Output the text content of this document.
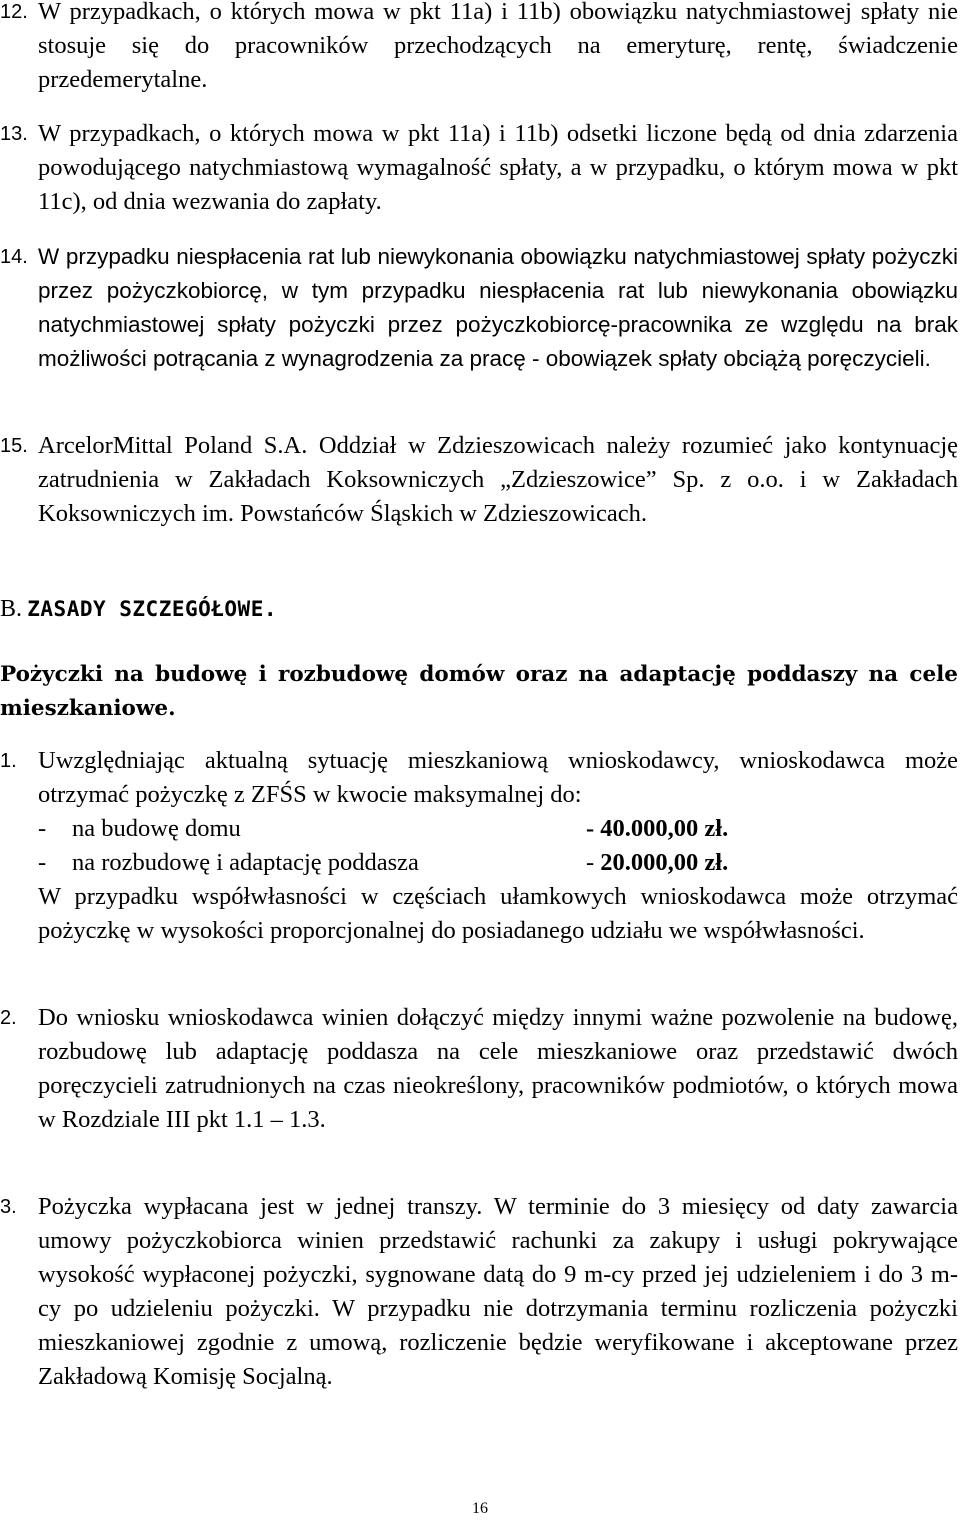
12. W przypadkach, o których mowa w pkt 11a) i 11b) obowiązku natychmiastowej spłaty nie stosuje się do pracowników przechodzących na emeryturę, rentę, świadczenie przedemerytalne.
13. W przypadkach, o których mowa w pkt 11a) i 11b) odsetki liczone będą od dnia zdarzenia powodującego natychmiastową wymagalność spłaty, a w przypadku, o którym mowa w pkt 11c), od dnia wezwania do zapłaty.
14. W przypadku niespłacenia rat lub niewykonania obowiązku natychmiastowej spłaty pożyczki przez pożyczkobiorcę, w tym przypadku niespłacenia rat lub niewykonania obowiązku natychmiastowej spłaty pożyczki przez pożyczkobiorcę-pracownika ze względu na brak możliwości potrącania z wynagrodzenia za pracę - obowiązek spłaty obciążą poręczycieli.
15. ArcelorMittal Poland S.A. Oddział w Zdzieszowicach należy rozumieć jako kontynuację zatrudnienia w Zakładach Koksowniczych „Zdzieszowice” Sp. z o.o. i w Zakładach Koksowniczych im. Powstańców Śląskich w Zdzieszowicach.
B. ZASADY SZCZEGÓŁOWE.
Pożyczki na budowę i rozbudowę domów oraz na adaptację poddaszy na cele mieszkaniowe.
1. Uwzględniając aktualną sytuację mieszkaniową wnioskodawcy, wnioskodawca może otrzymać pożyczkę z ZFŚS w kwocie maksymalnej do:
- na budowę domu	- 40.000,00 zł.
- na rozbudowę i adaptację poddasza	- 20.000,00 zł.
W przypadku współwłasności w częściach ułamkowych wnioskodawca może otrzymać pożyczkę w wysokości proporcjonalnej do posiadanego udziału we współwłasności.
2. Do wniosku wnioskodawca winien dołączyć między innymi ważne pozwolenie na budowę, rozbudowę lub adaptację poddasza na cele mieszkaniowe oraz przedstawić dwóch poręczycieli zatrudnionych na czas nieokreślony, pracowników podmiotów, o których mowa w Rozdziale III pkt 1.1 – 1.3.
3. Pożyczka wypłacana jest w jednej transzy. W terminie do 3 miesięcy od daty zawarcia umowy pożyczkobiorca winien przedstawić rachunki za zakupy i usługi pokrywające wysokość wypłaconej pożyczki, sygnowane datą do 9 m-cy przed jej udzieleniem i do 3 m-cy po udzieleniu pożyczki. W przypadku nie dotrzymania terminu rozliczenia pożyczki mieszkaniowej zgodnie z umową, rozliczenie będzie weryfikowane i akceptowane przez Zakładową Komisję Socjalną.
16
